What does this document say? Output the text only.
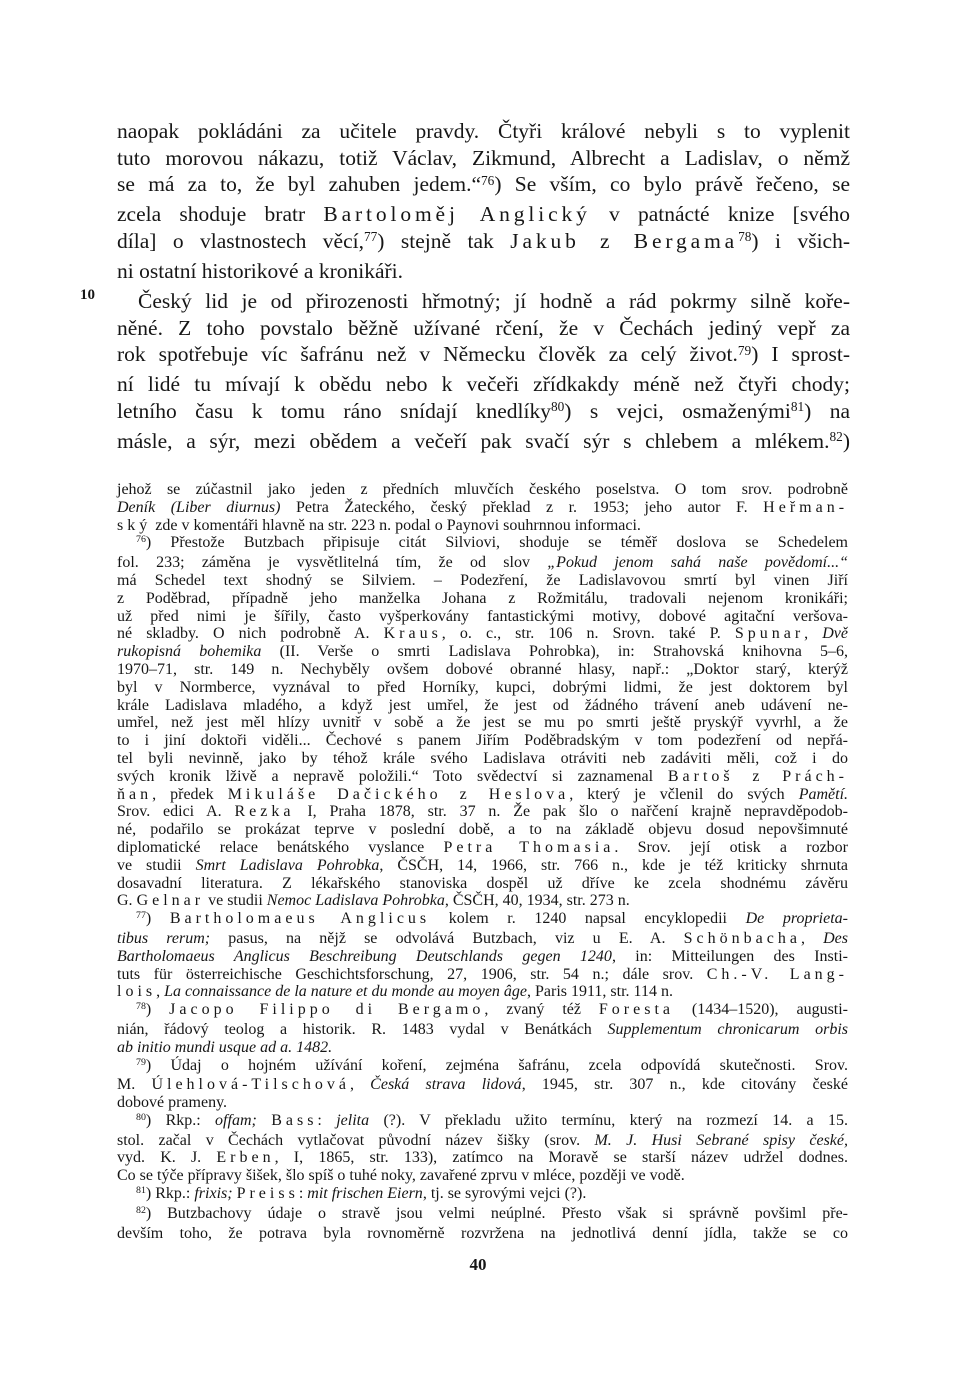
10
naopak pokládáni za učitele pravdy. Čtyři králové nebyli s to vyplenit
tuto morovou nákazu, totiž Václav, Zikmund, Albrecht a Ladislav, o němž
se má za to, že byl zahuben jedem.“$^{76}$) Se vším, co bylo právě řečeno, se
zcela shoduje bratr Bartoloměj Anglický v patnácté knize [svého
díla] o vlastnostech věcí,$^{77}$) stejně tak Jakub z Bergama$^{78}$) i všich-
ni ostatní historikové a kronikáři.
Český lid je od přirozenosti hřmotný; jí hodně a rád pokrmy silně koře-
něné. Z toho povstalo běžně užívané rčení, že v Čechách jediný vepř za
rok spotřebuje víc šafránu než v Německu člověk za celý život.$^{79}$) I sprost-
ní lidé tu mívají k obědu nebo k večeři zřídkakdy méně než čtyři chody;
letního času k tomu ráno snídají knedlíky$^{80}$) s vejci, osmaženými$^{81}$) na
másle, a sýr, mezi obědem a večeří pak svačí sýr s chlebem a mlékem.$^{82}$)
jehož se zúčastnil jako jeden z předních mluvčích českého poselstva. O tom srov. podrobně
Deník (Liber diurnus) Petra Žateckého, český překlad z r. 1953; jeho autor F. Heřman-
ský zde v komentáři hlavně na str. 223 n. podal o Paynovi souhrnnou informaci.
$^{76}$) Přestože Butzbach připisuje citát Silviovi, shoduje se téměř doslova se Schedelem
fol. 233; záměna je vysvětlitelná tím, že od slov „Pokud jenom sahá naše povědomí...“
má Schedel text shodný se Silviem. – Podezření, že Ladislavovou smrtí byl vinen Jiří
z Poděbrad, případně jeho manželka Johana z Rožmitálu, tradovali nejenom kronikáři;
už před nimi je šířily, často vyšperkovány fantastickými motivy, dobové agitační veršova-
né skladby. O nich podrobně A. Kraus, o. c., str. 106 n. Srovn. také P. Spunar, Dvě
rukopisná bohemika (II. Verše o smrti Ladislava Pohrobka), in: Strahovská knihovna 5–6,
1970–71, str. 149 n. Nechyběly ovšem dobové obranné hlasy, např.: „Doktor starý, kterýž
byl v Normberce, vyznával to před Horníky, kupci, dobrými lidmi, že jest doktorem byl
krále Ladislava mladého, a když jest umřel, že jest od žádného trávení aneb udávení ne-
umřel, než jest měl hlízy uvnitř v sobě a že jest se mu po smrti ještě pryskýř vyvrhl, a že
to i jiní doktoři viděli... Čechové s panem Jiřím Poděbradským v tom podezření od nepřá-
tel byli nevinně, jako by téhož krále svého Ladislava otráviti neb zadáviti měli, což i do
svých kronik lživě a nepravě položili.“ Toto svědectví si zaznamenal Bartoš z Prách-
ňan, předek Mikuláše Dačického z Heslova, který je včlenil do svých Pamětí.
Srov. edici A. Rezka I, Praha 1878, str. 37 n. Že pak šlo o nařčení krajně nepravděpodob-
né, podařilo se prokázat teprve v poslední době, a to na základě objevu dosud nepovšimnuté
diplomatické relace benátského vyslance Petra Thomasia. Srov. její otisk a rozbor
ve studii Smrt Ladislava Pohrobka, ČSČH, 14, 1966, str. 766 n., kde je též kriticky shrnuta
dosavadní literatura. Z lékařského stanoviska dospěl už dříve ke zcela shodnému závěru
G. Gelnar ve studii Nemoc Ladislava Pohrobka, ČSČH, 40, 1934, str. 273 n.
$^{77}$) Bartholomaeus Anglicus kolem r. 1240 napsal encyklopedii De proprieta-
tibus rerum; pasus, na nějž se odvolává Butzbach, viz u E. A. Schönbacha, Des
Bartholomaeus Anglicus Beschreibung Deutschlands gegen 1240, in: Mitteilungen des Insti-
tuts für österreichische Geschichtsforschung, 27, 1906, str. 54 n.; dále srov. Ch.-V. Lang-
lois, La connaissance de la nature et du monde au moyen âge, Paris 1911, str. 114 n.
$^{78}$) Jacopo Filippo di Bergamo, zvaný též Foresta (1434–1520), augusti-
nián, řádový teolog a historik. R. 1483 vydal v Benátkách Supplementum chronicarum orbis
ab initio mundi usque ad a. 1482.
$^{79}$) Údaj o hojném užívání koření, zejména šafránu, zcela odpovídá skutečnosti. Srov.
M. Úlehlová-Tilschová, Česká strava lidová, 1945, str. 307 n., kde citovány české
dobové prameny.
$^{80}$) Rkp.: offam; Bass: jelita (?). V překladu užito termínu, který na rozmezí 14. a 15.
stol. začal v Čechách vytlačovat původní název šišky (srov. M. J. Husi Sebrané spisy české,
vyd. K. J. Erben, I, 1865, str. 133), zatímco na Moravě se starší název udržel dodnes.
Co se týče přípravy šišek, šlo spíš o tuhé noky, zavařené zprvu v mléce, později ve vodě.
$^{81}$) Rkp.: frixis; Preiss: mit frischen Eiern, tj. se syrovými vejci (?).
$^{82}$) Butzbachovy údaje o stravě jsou velmi neúplné. Přesto však si správně povšiml pře-
devším toho, že potrava byla rovnoměrně rozvržena na jednotlivá denní jídla, takže se co
40
